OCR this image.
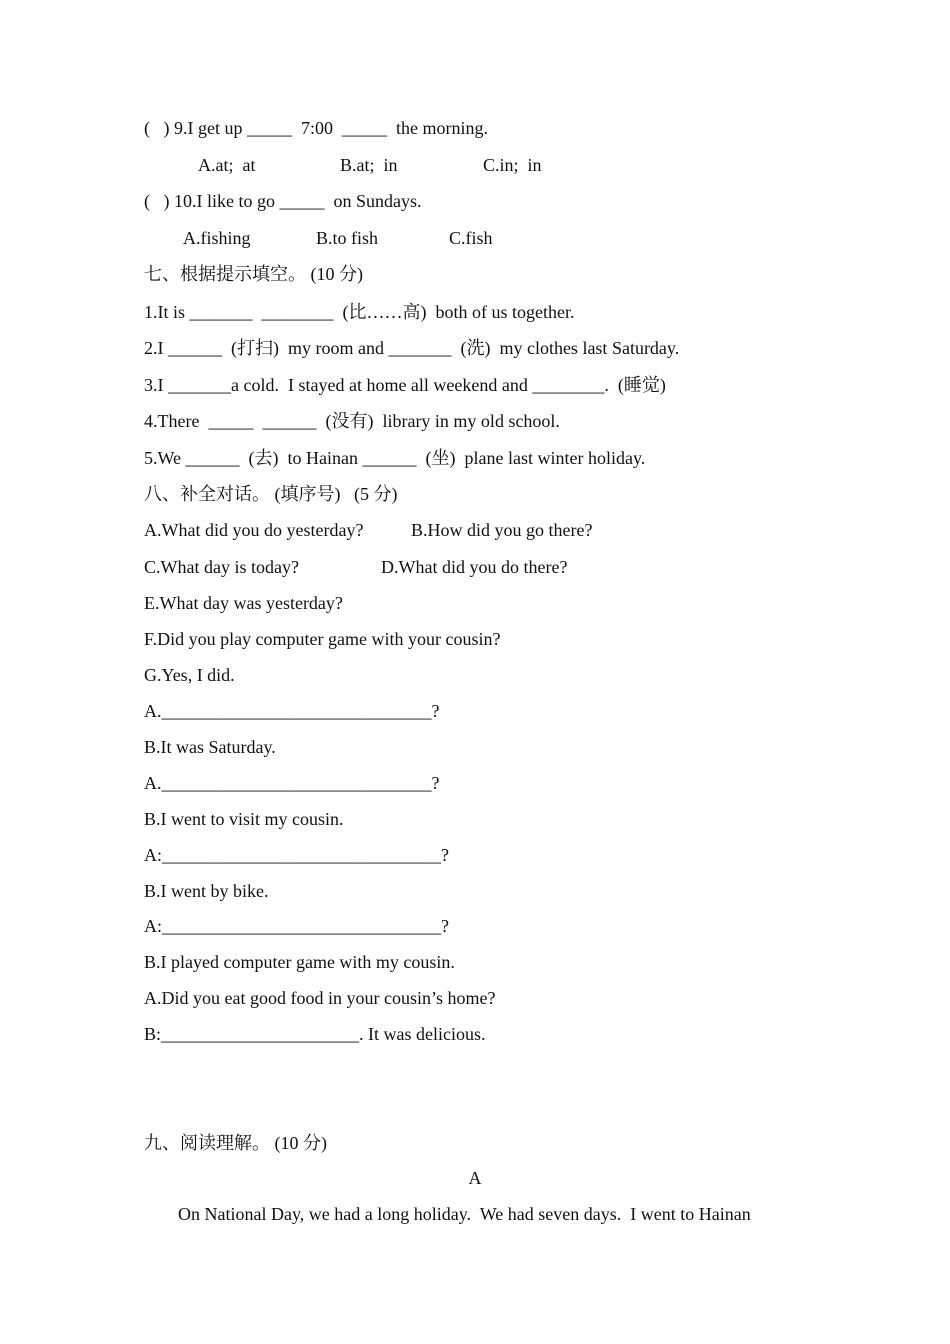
(   ) 9.I get up _____  7:00  _____  the morning.
A.at;  at	B.at;  in	C.in;  in
(   ) 10.I like to go _____  on Sundays.
A.fishing	B.to fish	C.fish
七、根据提示填空。 (10 分)
1.It is _______  ________  (比……高)  both of us together.
2.I ______  (打扫)  my room and _______  (洗)  my clothes last Saturday.
3.I _______a cold.  I stayed at home all weekend and ________.  (睡觉)
4.There  _____  ______  (没有)  library in my old school.
5.We ______  (去)  to Hainan ______  (坐)  plane last winter holiday.
八、补全对话。 (填序号)   (5 分)
A.What did you do yesterday?	B.How did you go there?
C.What day is today?	D.What did you do there?
E.What day was yesterday?
F.Did you play computer game with your cousin?
G.Yes, I did.
A.______________________________?
B.It was Saturday.
A.______________________________?
B.I went to visit my cousin.
A:_______________________________?
B.I went by bike.
A:_______________________________?
B.I played computer game with my cousin.
A.Did you eat good food in your cousin’s home?
B:______________________. It was delicious.
九、阅读理解。 (10 分)
A
On National Day, we had a long holiday.  We had seven days.  I went to Hainan
